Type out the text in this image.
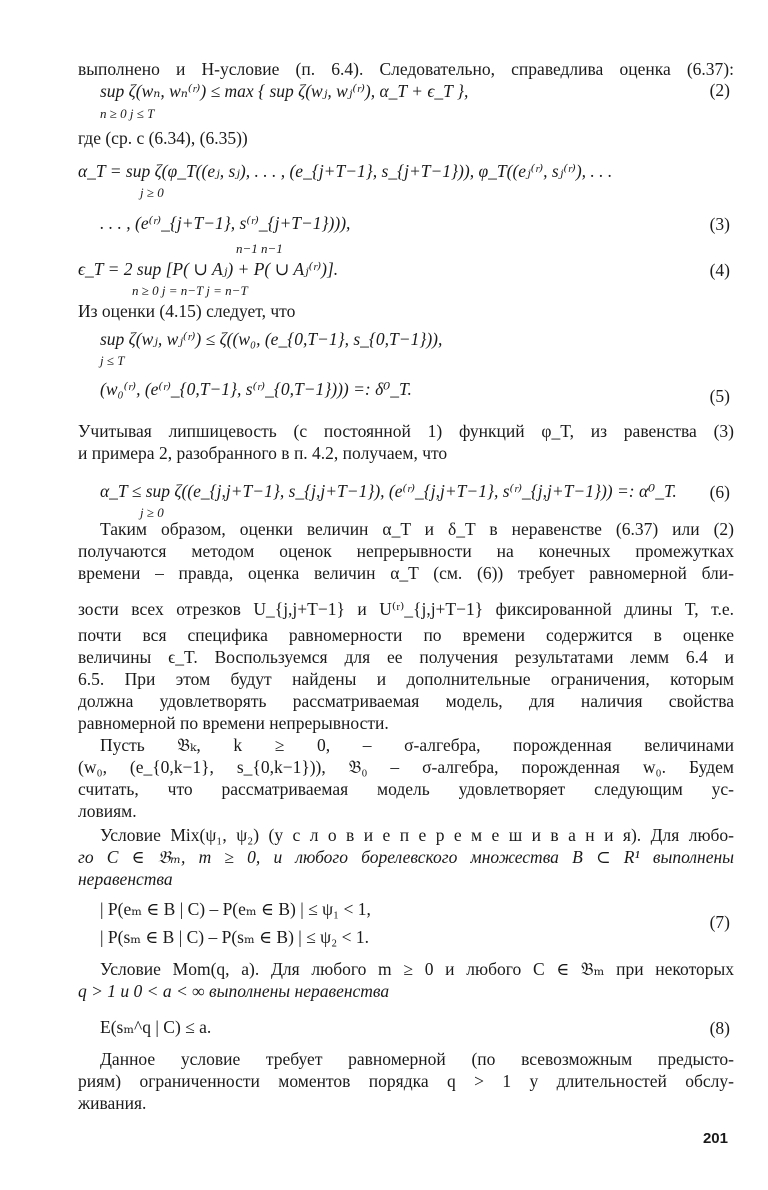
выполнено и Н-условие (п. 6.4). Следовательно, справедлива оценка (6.37):
sup ζ(wₙ, wₙ⁽ʳ⁾) ≤ max { sup ζ(wⱼ, wⱼ⁽ʳ⁾), α_T + ϵ_T },
n ≥ 0 j ≤ T
(2)
где (ср. с (6.34), (6.35))
α_T = sup ζ(φ_T((eⱼ, sⱼ), . . . , (e_{j+T−1}, s_{j+T−1})), φ_T((eⱼ⁽ʳ⁾, sⱼ⁽ʳ⁾), . . .
j ≥ 0
. . . , (e⁽ʳ⁾_{j+T−1}, s⁽ʳ⁾_{j+T−1}))),	(3)
n−1 n−1
ϵ_T = 2 sup [P( ∪ Aⱼ) + P( ∪ Aⱼ⁽ʳ⁾)].
n ≥ 0 j = n−T j = n−T
(4)
Из оценки (4.15) следует, что
sup ζ(wⱼ, wⱼ⁽ʳ⁾) ≤ ζ((w₀, (e_{0,T−1}, s_{0,T−1})),
j ≤ T
(w₀⁽ʳ⁾, (e⁽ʳ⁾_{0,T−1}, s⁽ʳ⁾_{0,T−1}))) =: δ⁰_T.	(5)
Учитывая липшицевость (с постоянной 1) функций φ_T, из равенства (3)
и примера 2, разобранного в п. 4.2, получаем, что
α_T ≤ sup ζ((e_{j,j+T−1}, s_{j,j+T−1}), (e⁽ʳ⁾_{j,j+T−1}, s⁽ʳ⁾_{j,j+T−1})) =: α⁰_T.
j ≥ 0
(6)
Таким образом, оценки величин α_T и δ_T в неравенстве (6.37) или (2)
получаются методом оценок непрерывности на конечных промежутках
времени – правда, оценка величин α_T (см. (6)) требует равномерной бли-
зости всех отрезков U_{j,j+T−1} и U⁽ʳ⁾_{j,j+T−1} фиксированной длины T, т.е.
почти вся специфика равномерности по времени содержится в оценке
величины ϵ_T. Воспользуемся для ее получения результатами лемм 6.4 и
6.5. При этом будут найдены и дополнительные ограничения, которым
должна удовлетворять рассматриваемая модель, для наличия свойства
равномерной по времени непрерывности.
Пусть 𝔅ₖ, k ≥ 0, – σ-алгебра, порожденная величинами
(w₀, (e_{0,k−1}, s_{0,k−1})), 𝔅₀ – σ-алгебра, порожденная w₀. Будем
считать, что рассматриваемая модель удовлетворяет следующим ус-
ловиям.
Условие Mix(ψ₁, ψ₂) (у с л о в и е п е р е м е ш и в а н и я). Для любо-
го C ∈ 𝔅ₘ, m ≥ 0, и любого борелевского множества B ⊂ R¹ выполнены
неравенства
| P(eₘ ∈ B | C) – P(eₘ ∈ B) | ≤ ψ₁ < 1,
| P(sₘ ∈ B | C) – P(sₘ ∈ B) | ≤ ψ₂ < 1.
(7)
Условие Mom(q, a). Для любого m ≥ 0 и любого C ∈ 𝔅ₘ при некоторых
q > 1 и 0 < a < ∞ выполнены неравенства
E(sₘ^q | C) ≤ a.	(8)
Данное условие требует равномерной (по всевозможным предысто-
риям) ограниченности моментов порядка q > 1 у длительностей обслу-
живания.
201
